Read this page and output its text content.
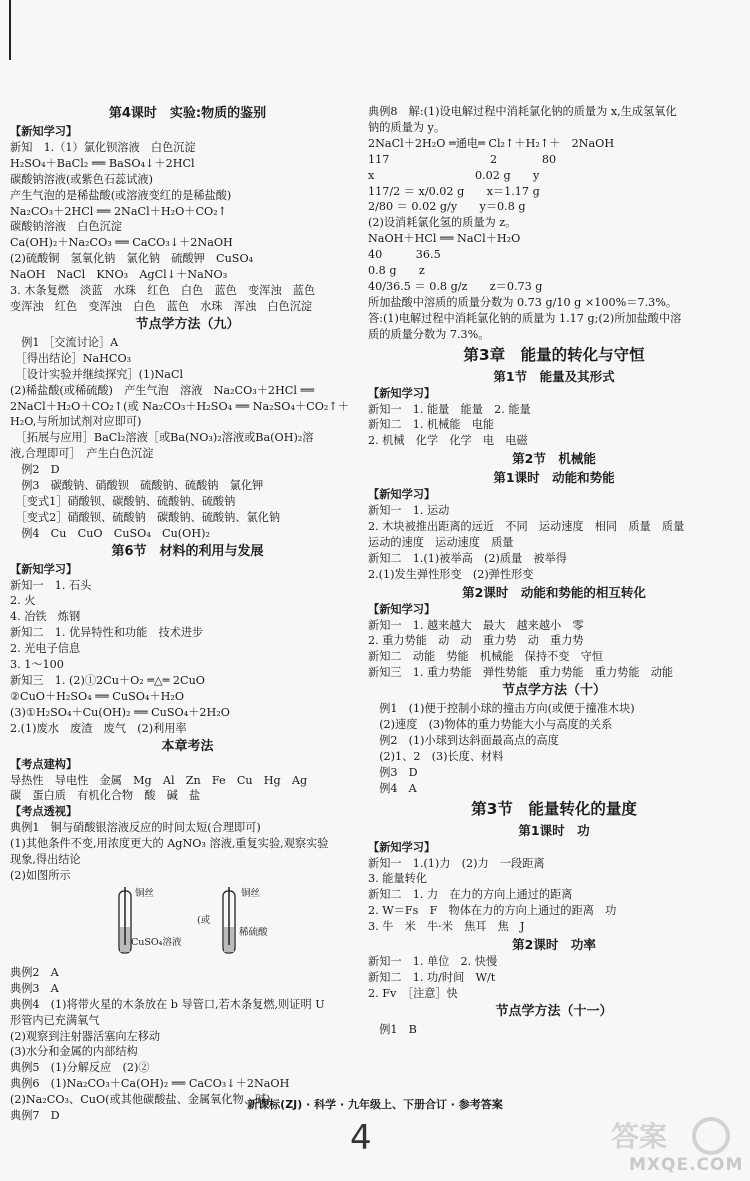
第4课时　实验:物质的鉴别
【新知学习】
新知　1.（1）氯化钡溶液　白色沉淀
H₂SO₄＋BaCl₂ ══ BaSO₄↓＋2HCl
碳酸钠溶液(或紫色石蕊试液)
产生气泡的是稀盐酸(或溶液变红的是稀盐酸)
Na₂CO₃＋2HCl ══ 2NaCl＋H₂O＋CO₂↑
碳酸钠溶液　白色沉淀
Ca(OH)₂＋Na₂CO₃ ══ CaCO₃↓＋2NaOH
(2)硫酸铜　氢氧化钠　氯化钠　硫酸钾　CuSO₄
NaOH　NaCl　KNO₃　AgCl↓＋NaNO₃
3. 木条复燃　淡蓝　水珠　红色　白色　蓝色　变浑浊　蓝色
变浑浊　红色　变浑浊　白色　蓝色　水珠　浑浊　白色沉淀
节点学方法（九）
　例1 ［交流讨论］A
　［得出结论］NaHCO₃
　［设计实验并继续探究］(1)NaCl
(2)稀盐酸(或稀硫酸)　产生气泡　溶液　Na₂CO₃＋2HCl ══
2NaCl＋H₂O＋CO₂↑(或 Na₂CO₃＋H₂SO₄ ══ Na₂SO₄＋CO₂↑＋
H₂O,与所加试剂对应即可)
　［拓展与应用］BaCl₂溶液［或Ba(NO₃)₂溶液或Ba(OH)₂溶
液,合理即可］　产生白色沉淀
　例2　D
　例3　碳酸钠、硝酸钡　硫酸钠、硫酸钠　氯化钾
　［变式1］硝酸钡、碳酸钠、硫酸钠、硫酸钠
　［变式2］硝酸钡、硫酸钠　碳酸钠、硫酸钠、氯化钠
　例4　Cu　CuO　CuSO₄　Cu(OH)₂
第6节　材料的利用与发展
【新知学习】
新知一　1. 石头
2. 火
4. 冶铁　炼钢
新知二　1. 优异特性和功能　技术进步
2. 光电子信息
3. 1～100
新知三　1. (2)①2Cu＋O₂ ═△═ 2CuO
②CuO＋H₂SO₄ ══ CuSO₄＋H₂O
(3)①H₂SO₄＋Cu(OH)₂ ══ CuSO₄＋2H₂O
2.(1)废水　废渣　废气　(2)利用率
本章考法
【考点建构】
导热性　导电性　金属　Mg　Al　Zn　Fe　Cu　Hg　Ag
碳　蛋白质　有机化合物　酸　碱　盐
【考点透视】
典例1　铜与硝酸银溶液反应的时间太短(合理即可)
(1)其他条件不变,用浓度更大的 AgNO₃ 溶液,重复实验,观察实验
现象,得出结论
(2)如图所示
铜丝
CuSO₄溶液
(或
铜丝
稀硫酸
典例2　A
典例3　A
典例4　(1)将带火星的木条放在 b 导管口,若木条复燃,则证明 U
形管内已充满氧气
(2)观察到注射器活塞向左移动
(3)水分和金属的内部结构
典例5　(1)分解反应　(2)②
典例6　(1)Na₂CO₃＋Ca(OH)₂ ══ CaCO₃↓＋2NaOH
(2)Na₂CO₃、CuO(或其他碳酸盐、金属氧化物、碱)
典例7　D
典例8　解:(1)设电解过程中消耗氯化钠的质量为 x,生成氢氧化
钠的质量为 y。
2NaCl＋2H₂O ═通电═ Cl₂↑＋H₂↑＋　2NaOH
117　　　　　　　　　2　　　　80
x　　　　　　　　　0.02 g　　y
117/2 ＝ x/0.02 g　　x＝1.17 g
2/80 ＝ 0.02 g/y　　y＝0.8 g
(2)设消耗氯化氢的质量为 z。
NaOH＋HCl ══ NaCl＋H₂O
40　　　36.5
0.8 g　　z
40/36.5 ＝ 0.8 g/z　　z＝0.73 g
所加盐酸中溶质的质量分数为 0.73 g/10 g ×100%＝7.3%。
答:(1)电解过程中消耗氯化钠的质量为 1.17 g;(2)所加盐酸中溶
质的质量分数为 7.3%。
第3章　能量的转化与守恒
第1节　能量及其形式
【新知学习】
新知一　1. 能量　能量　2. 能量
新知二　1. 机械能　电能
2. 机械　化学　化学　电　电磁
第2节　机械能
第1课时　动能和势能
【新知学习】
新知一　1. 运动
2. 木块被推出距离的远近　不同　运动速度　相同　质量　质量
运动的速度　运动速度　质量
新知二　1.(1)被举高　(2)质量　被举得
2.(1)发生弹性形变　(2)弹性形变
第2课时　动能和势能的相互转化
【新知学习】
新知一　1. 越来越大　最大　越来越小　零
2. 重力势能　动　动　重力势　动　重力势
新知二　动能　势能　机械能　保持不变　守恒
新知三　1. 重力势能　弹性势能　重力势能　重力势能　动能
节点学方法（十）
　例1　(1)便于控制小球的撞击方向(或便于撞准木块)
　(2)速度　(3)物体的重力势能大小与高度的关系
　例2　(1)小球到达斜面最高点的高度
　(2)1、2　(3)长度、材料
　例3　D
　例4　A
第3节　能量转化的量度
第1课时　功
【新知学习】
新知一　1.(1)力　(2)力　一段距离
3. 能量转化
新知二　1. 力　在力的方向上通过的距离
2. W＝Fs　F　物体在力的方向上通过的距离　功
3. 牛　米　牛·米　焦耳　焦　J
第2课时　功率
新知一　1. 单位　2. 快慢
新知二　1. 功/时间　W/t
2. Fv　［注意］快
节点学方法（十一）
　例1　B
新课标(ZJ) · 科学 · 九年级上、下册合订 · 参考答案
4	答案
MXQE.COM
